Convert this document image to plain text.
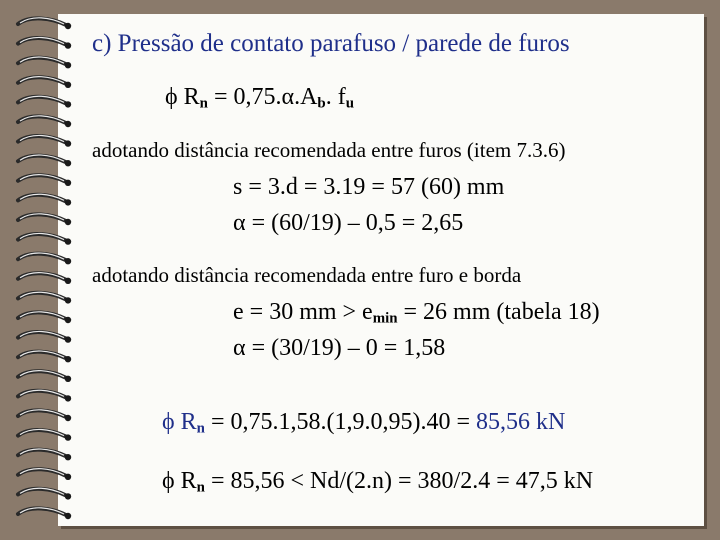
c) Pressão de contato parafuso / parede de furos
ϕ $R_n = 0,75.\alpha.A_b$. $f_u$
adotando distância recomendada entre furos (item 7.3.6)
s = 3.d = 3.19 = 57 (60) mm
α = (60/19) – 0,5 = 2,65
adotando distância recomendada entre furo e borda
e = 30 mm > $e_{min} = 26$ mm (tabela 18)
α = (30/19) – 0 = 1,58
ϕ $R_n = 0,75.1,58.(1,9.0,95).40 = 85,56$ kN
ϕ $R_n = 85,56 < Nd/(2.n) = 380/2.4 = 47,5$ kN
